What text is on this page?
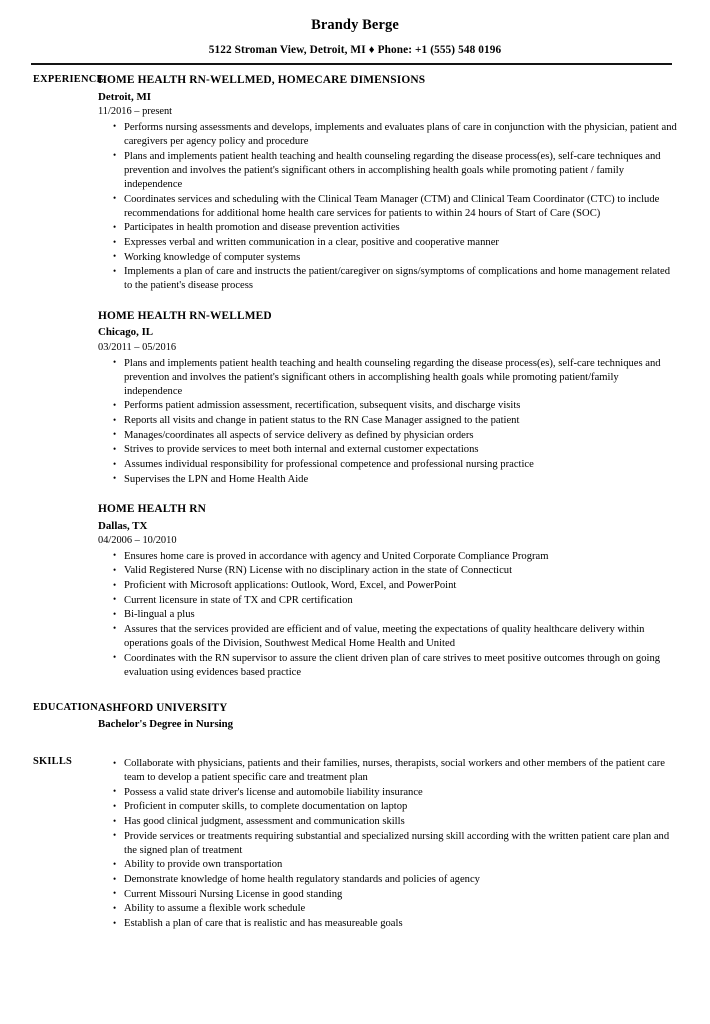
Brandy Berge
5122 Stroman View, Detroit, MI ♦ Phone: +1 (555) 548 0196
EXPERIENCE
HOME HEALTH RN-WELLMED, HOMECARE DIMENSIONS
Detroit, MI
11/2016 – present
• Performs nursing assessments and develops, implements and evaluates plans of care in conjunction with the physician, patient and caregivers per agency policy and procedure
• Plans and implements patient health teaching and health counseling regarding the disease process(es), self-care techniques and prevention and involves the patient's significant others in accomplishing health goals while promoting patient / family independence
• Coordinates services and scheduling with the Clinical Team Manager (CTM) and Clinical Team Coordinator (CTC) to include recommendations for additional home health care services for patients to within 24 hours of Start of Care (SOC)
• Participates in health promotion and disease prevention activities
• Expresses verbal and written communication in a clear, positive and cooperative manner
• Working knowledge of computer systems
• Implements a plan of care and instructs the patient/caregiver on signs/symptoms of complications and home management related to the patient's disease process
HOME HEALTH RN-WELLMED
Chicago, IL
03/2011 – 05/2016
• Plans and implements patient health teaching and health counseling regarding the disease process(es), self-care techniques and prevention and involves the patient's significant others in accomplishing health goals while promoting patient/family independence
• Performs patient admission assessment, recertification, subsequent visits, and discharge visits
• Reports all visits and change in patient status to the RN Case Manager assigned to the patient
• Manages/coordinates all aspects of service delivery as defined by physician orders
• Strives to provide services to meet both internal and external customer expectations
• Assumes individual responsibility for professional competence and professional nursing practice
• Supervises the LPN and Home Health Aide
HOME HEALTH RN
Dallas, TX
04/2006 – 10/2010
• Ensures home care is proved in accordance with agency and United Corporate Compliance Program
• Valid Registered Nurse (RN) License with no disciplinary action in the state of Connecticut
• Proficient with Microsoft applications: Outlook, Word, Excel, and PowerPoint
• Current licensure in state of TX and CPR certification
• Bi-lingual a plus
• Assures that the services provided are efficient and of value, meeting the expectations of quality healthcare delivery within operations goals of the Division, Southwest Medical Home Health and United
• Coordinates with the RN supervisor to assure the client driven plan of care strives to meet positive outcomes through on going evaluation using evidences based practice
EDUCATION ASHFORD UNIVERSITY
Bachelor's Degree in Nursing
SKILLS	• Collaborate with physicians, patients and their families, nurses, therapists, social workers and other members of the patient care team to develop a patient specific care and treatment plan
• Possess a valid state driver's license and automobile liability insurance
• Proficient in computer skills, to complete documentation on laptop
• Has good clinical judgment, assessment and communication skills
• Provide services or treatments requiring substantial and specialized nursing skill according with the written patient care plan and the signed plan of treatment
• Ability to provide own transportation
• Demonstrate knowledge of home health regulatory standards and policies of agency
• Current Missouri Nursing License in good standing
• Ability to assume a flexible work schedule
• Establish a plan of care that is realistic and has measureable goals
